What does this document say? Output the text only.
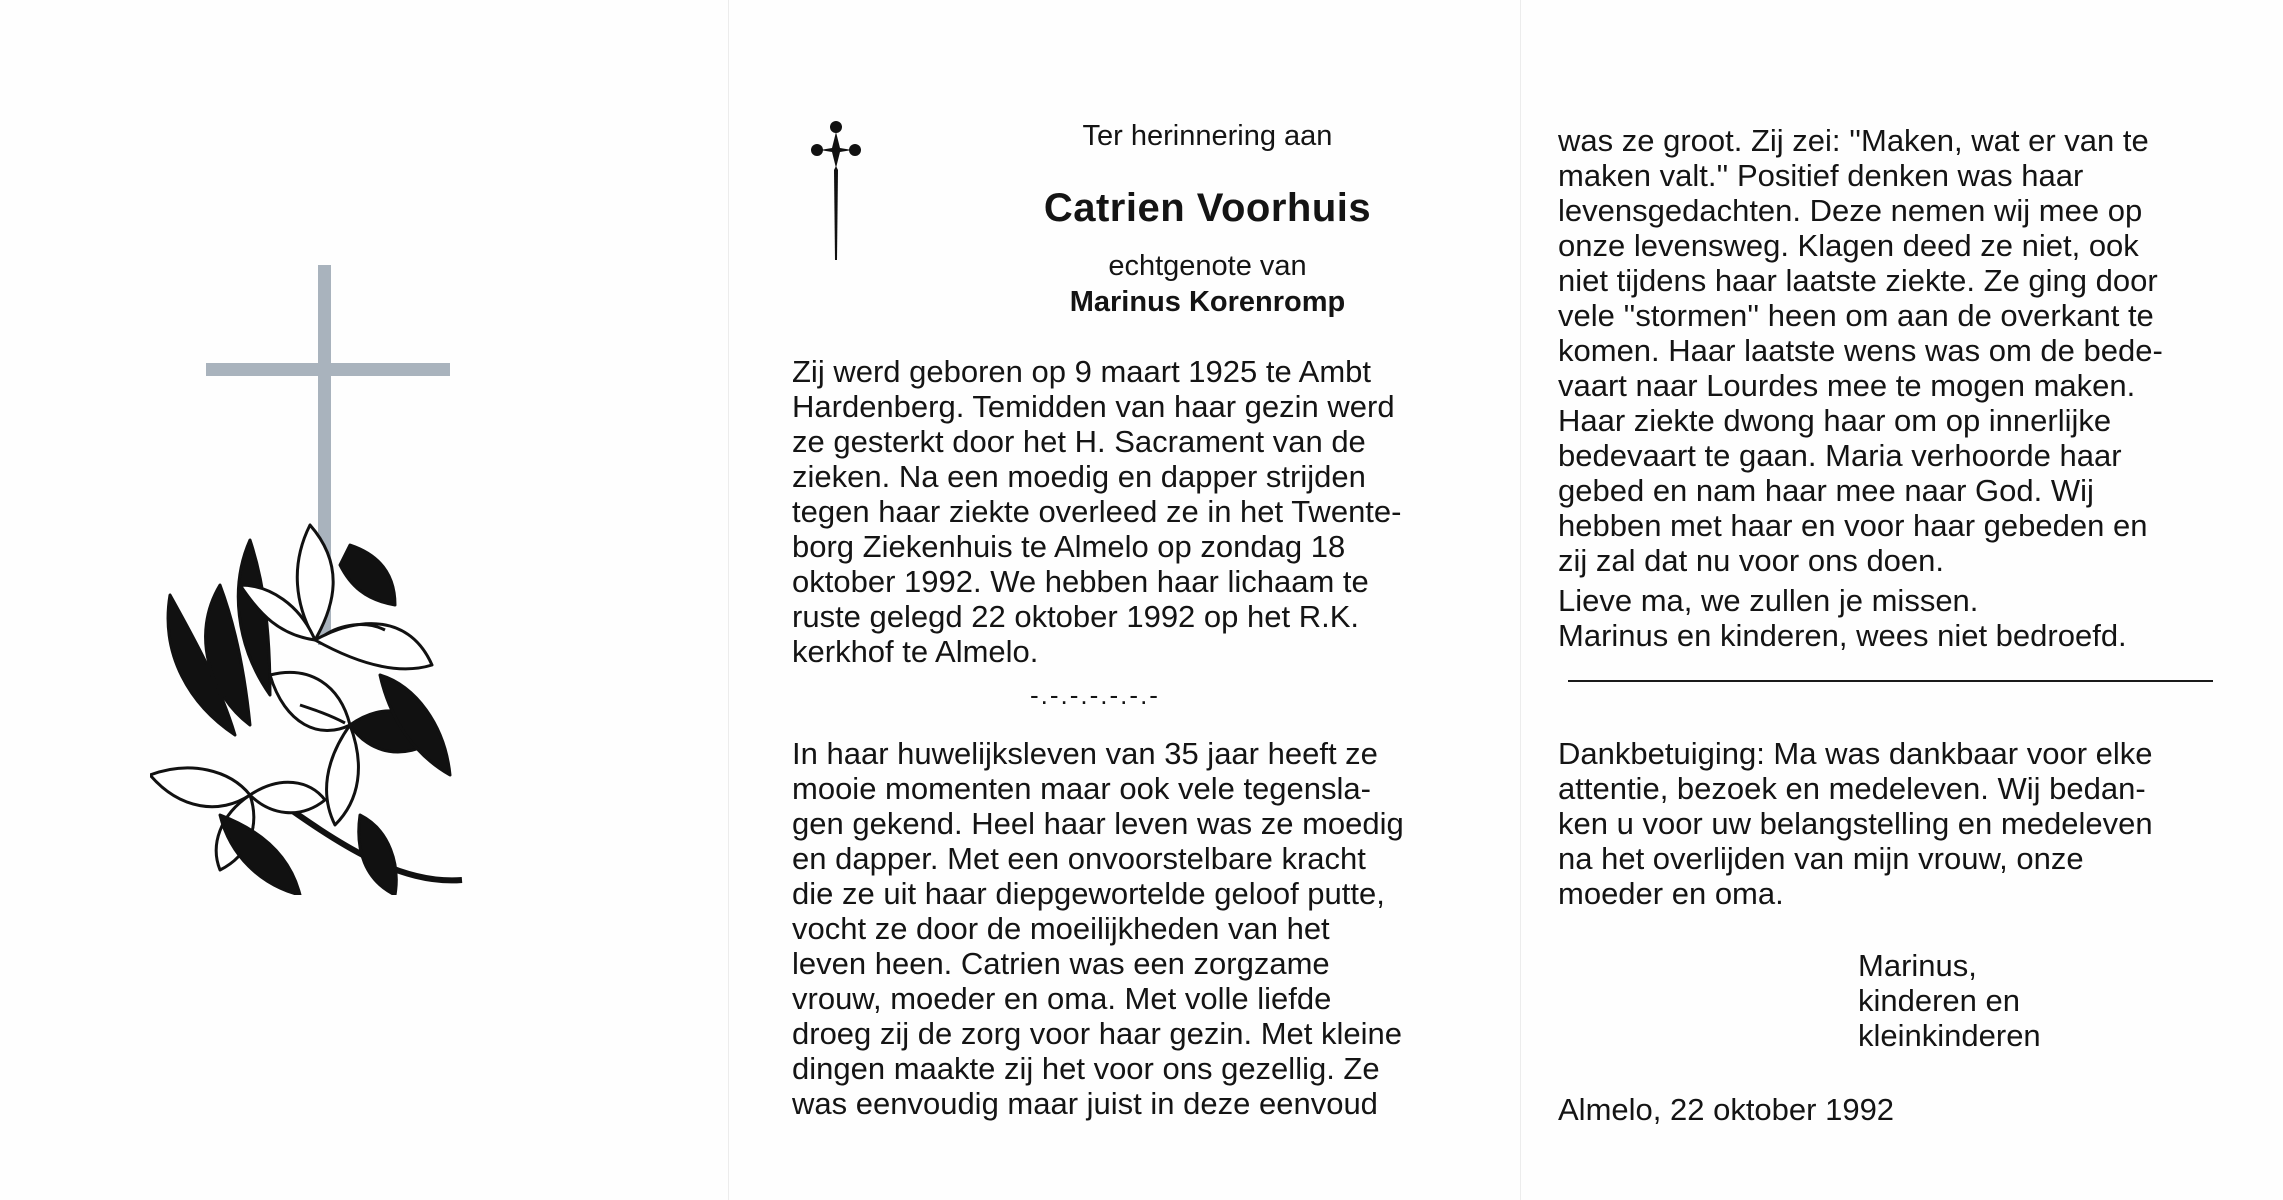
Ter herinnering aan
Catrien Voorhuis
echtgenote van
Marinus Korenromp

Zij werd geboren op 9 maart 1925 te Ambt

Hardenberg. Temidden van haar gezin werd

ze gesterkt door het H. Sacrament van de

zieken. Na een moedig en dapper strijden

tegen haar ziekte overleed ze in het Twente-

borg Ziekenhuis te Almelo op zondag 18

oktober 1992. We hebben haar lichaam te

ruste gelegd 22 oktober 1992 op het R.K.

kerkhof te Almelo.

-.-.-.-.-.-.-

In haar huwelijksleven van 35 jaar heeft ze

mooie momenten maar ook vele tegensla-

gen gekend. Heel haar leven was ze moedig

en dapper. Met een onvoorstelbare kracht

die ze uit haar diepgewortelde geloof putte,

vocht ze door de moeilijkheden van het

leven heen. Catrien was een zorgzame

vrouw, moeder en oma. Met volle liefde

droeg zij de zorg voor haar gezin. Met kleine

dingen maakte zij het voor ons gezellig. Ze

was eenvoudig maar juist in deze eenvoud

was ze groot. Zij zei: ''Maken, wat er van te

maken valt.'' Positief denken was haar

levensgedachten. Deze nemen wij mee op

onze levensweg. Klagen deed ze niet, ook

niet tijdens haar laatste ziekte. Ze ging door

vele ''stormen'' heen om aan de overkant te

komen. Haar laatste wens was om de bede-

vaart naar Lourdes mee te mogen maken.

Haar ziekte dwong haar om op innerlijke

bedevaart te gaan. Maria verhoorde haar

gebed en nam haar mee naar God. Wij

hebben met haar en voor haar gebeden en

zij zal dat nu voor ons doen.

Lieve ma, we zullen je missen.
Marinus en kinderen, wees niet bedroefd.

Dankbetuiging: Ma was dankbaar voor elke

attentie, bezoek en medeleven. Wij bedan-

ken u voor uw belangstelling en medeleven

na het overlijden van mijn vrouw, onze

moeder en oma.

Marinus,
kinderen en
kleinkinderen
Almelo, 22 oktober 1992
